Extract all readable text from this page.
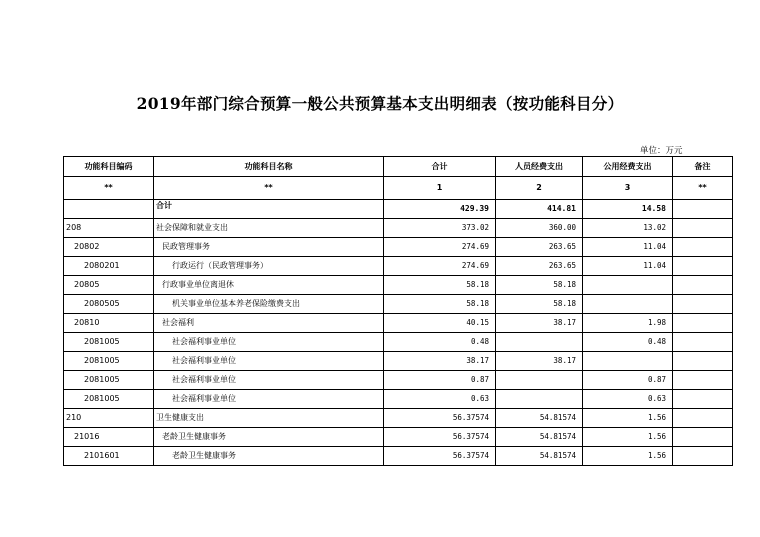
2019年部门综合预算一般公共预算基本支出明细表（按功能科目分）
单位：万元
功能科目编码	功能科目名称	合计	人员经费支出	公用经费支出	备注
**	**	1	2	3	**
	合计	429.39	414.81	14.58	
208	社会保障和就业支出	373.02	360.00	13.02	
20802	民政管理事务	274.69	263.65	11.04	
2080201	行政运行（民政管理事务）	274.69	263.65	11.04	
20805	行政事业单位离退休	58.18	58.18		
2080505	机关事业单位基本养老保险缴费支出	58.18	58.18		
20810	社会福利	40.15	38.17	1.98	
2081005	社会福利事业单位	0.48		0.48	
2081005	社会福利事业单位	38.17	38.17		
2081005	社会福利事业单位	0.87		0.87	
2081005	社会福利事业单位	0.63		0.63	
210	卫生健康支出	56.37574	54.81574	1.56	
21016	老龄卫生健康事务	56.37574	54.81574	1.56	
2101601	老龄卫生健康事务	56.37574	54.81574	1.56	
